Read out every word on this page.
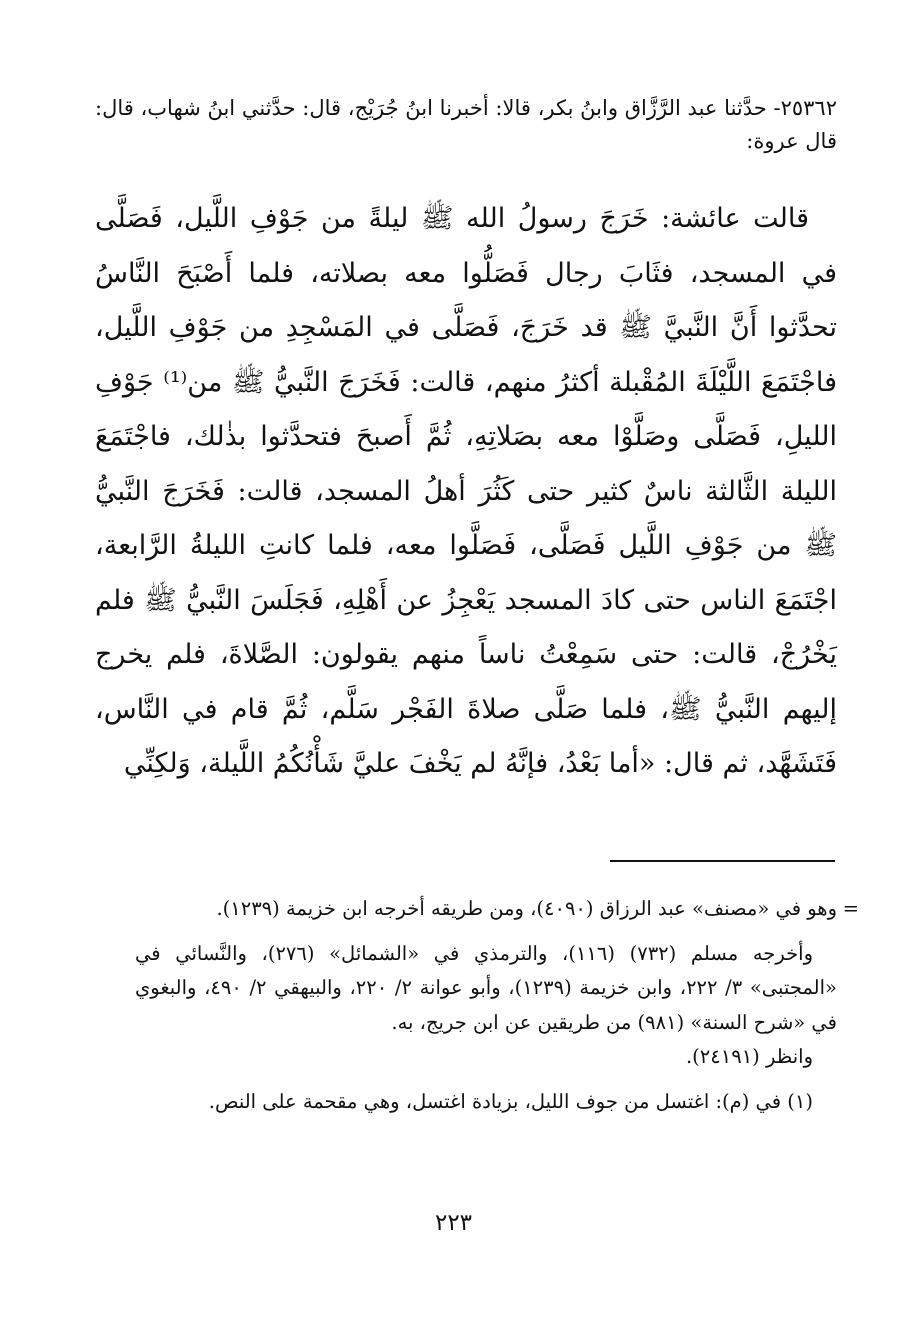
٢٥٣٦٢- حدَّثنا عبد الرَّزَّاق وابنُ بكر، قالا: أخبرنا ابنُ جُرَيْج، قال: حدَّثني ابنُ شهاب، قال: قال عروة:

قالت عائشة: خَرَجَ رسولُ الله ﷺ ليلةً من جَوْفِ اللَّيل، فَصَلَّى في المسجد، فثَابَ رجال فَصَلُّوا معه بصلاته، فلما أَصْبَحَ النَّاسُ تحدَّثوا أَنَّ النَّبيَّ ﷺ قد خَرَجَ، فَصَلَّى في المَسْجِدِ من جَوْفِ اللَّيل، فاجْتَمَعَ اللَّيْلَةَ المُقْبلة أكثرُ منهم، قالت: فَخَرَجَ النَّبيُّ ﷺ من⁽¹⁾ جَوْفِ الليلِ، فَصَلَّى وصَلَّوْا معه بصَلاتِهِ، ثُمَّ أَصبحَ فتحدَّثوا بذٰلك، فاجْتَمَعَ الليلة الثَّالثة ناسٌ كثير حتى كَثُرَ أهلُ المسجد، قالت: فَخَرَجَ النَّبيُّ ﷺ من جَوْفِ اللَّيل فَصَلَّى، فَصَلَّوا معه، فلما كانتِ الليلةُ الرَّابعة، اجْتَمَعَ الناس حتى كادَ المسجد يَعْجِزُ عن أَهْلِهِ، فَجَلَسَ النَّبيُّ ﷺ فلم يَخْرُجْ، قالت: حتى سَمِعْتُ ناساً منهم يقولون: الصَّلاةَ، فلم يخرج إليهم النَّبيُّ ﷺ، فلما صَلَّى صلاةَ الفَجْر سَلَّم، ثُمَّ قام في النَّاس، فَتَشَهَّد، ثم قال: «أما بَعْدُ، فإنَّهُ لم يَخْفَ عليَّ شَأْنُكُمُ اللَّيلة، وَلكِنِّي

=

وهو في «مصنف» عبد الرزاق (٤٠٩٠)، ومن طريقه أخرجه ابن خزيمة (١٢٣٩).

وأخرجه مسلم (٧٣٢) (١١٦)، والترمذي في «الشمائل» (٢٧٦)، والنَّسائي في «المجتبى» ٣/ ٢٢٢، وابن خزيمة (١٢٣٩)، وأبو عوانة ٢/ ٢٢٠، والبيهقي ٢/ ٤٩٠، والبغوي في «شرح السنة» (٩٨١) من طريقين عن ابن جريج، به.

وانظر (٢٤١٩١).

(١) في (م): اغتسل من جوف الليل، بزيادة اغتسل، وهي مقحمة على النص.

٢٢٣
